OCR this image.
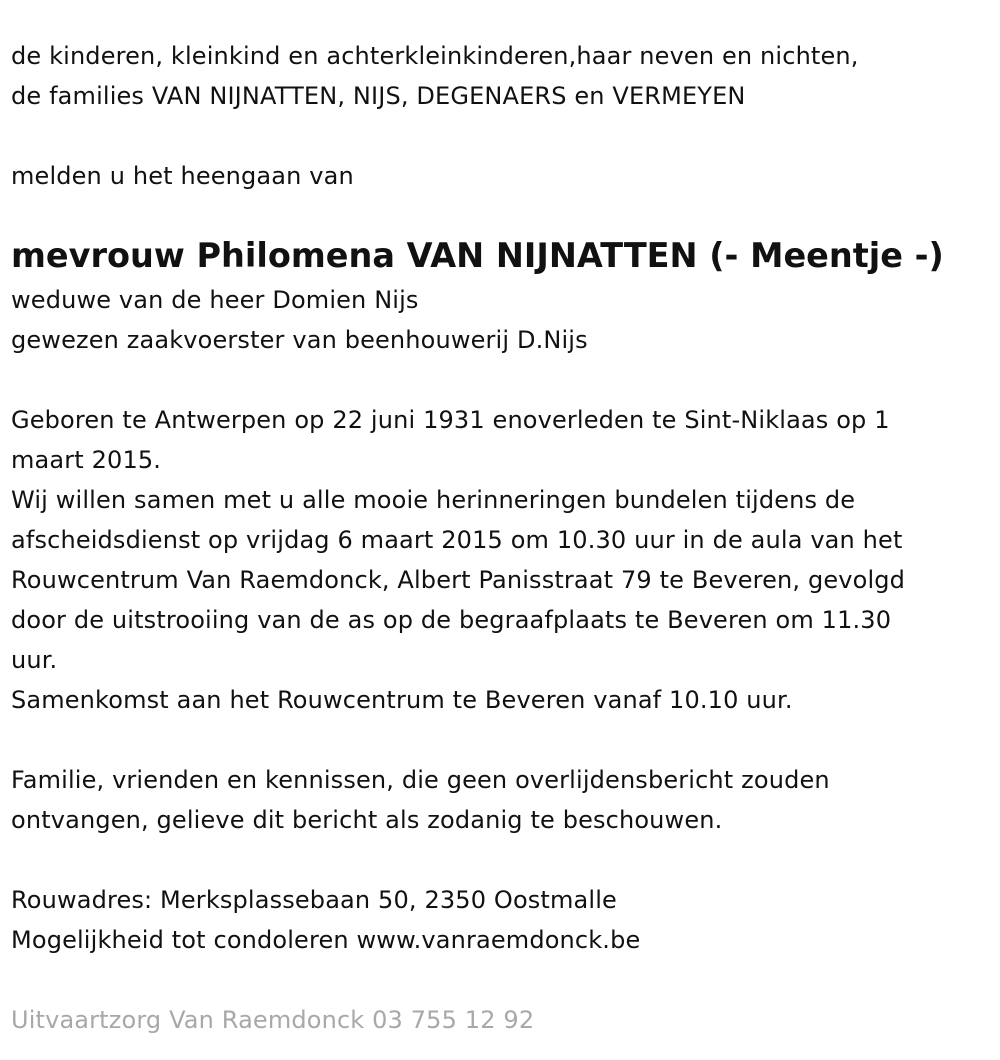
de kinderen, kleinkind en achterkleinkinderen,haar neven en nichten,
de families VAN NIJNATTEN, NIJS, DEGENAERS en VERMEYEN
melden u het heengaan van
mevrouw Philomena VAN NIJNATTEN (- Meentje -)
weduwe van de heer Domien Nijs
gewezen zaakvoerster van beenhouwerij D.Nijs
Geboren te Antwerpen op 22 juni 1931 enoverleden te Sint-Niklaas op 1
maart 2015.
Wij willen samen met u alle mooie herinneringen bundelen tijdens de
afscheidsdienst op vrijdag 6 maart 2015 om 10.30 uur in de aula van het
Rouwcentrum Van Raemdonck, Albert Panisstraat 79 te Beveren, gevolgd
door de uitstrooiing van de as op de begraafplaats te Beveren om 11.30
uur.
Samenkomst aan het Rouwcentrum te Beveren vanaf 10.10 uur.
Familie, vrienden en kennissen, die geen overlijdensbericht zouden
ontvangen, gelieve dit bericht als zodanig te beschouwen.
Rouwadres: Merksplassebaan 50, 2350 Oostmalle
Mogelijkheid tot condoleren www.vanraemdonck.be
Uitvaartzorg Van Raemdonck 03 755 12 92
